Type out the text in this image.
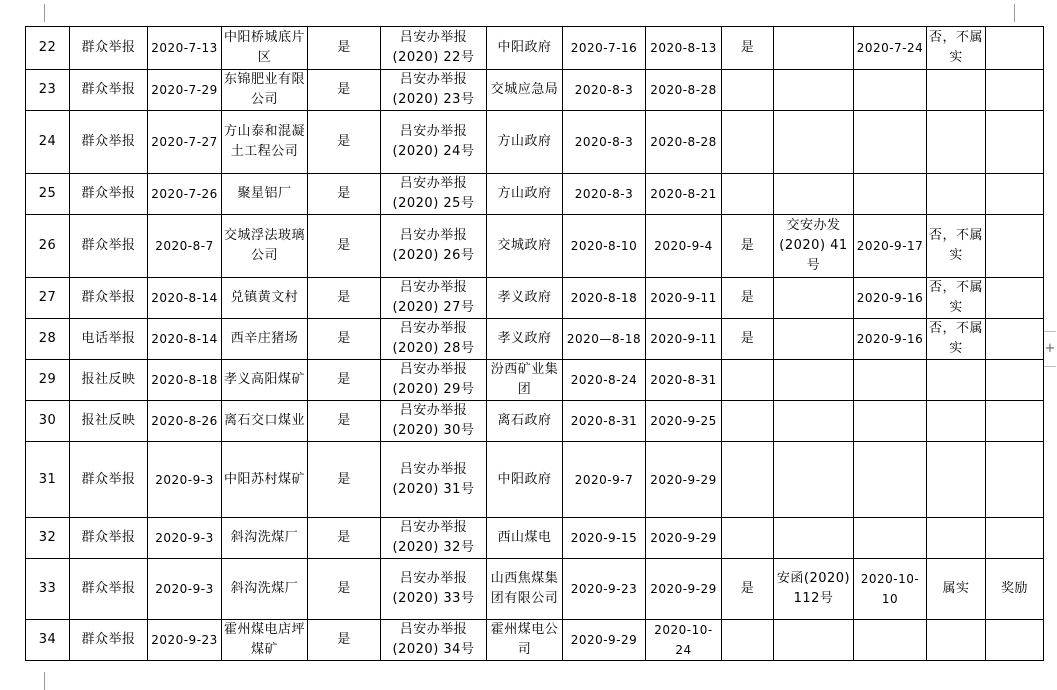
+
22	群众举报	2020-7-13	中阳桥城底片区	是	吕安办举报(2020) 22号	中阳政府	2020-7-16	2020-8-13	是		2020-7-24	否，不属实	
23	群众举报	2020-7-29	东锦肥业有限公司	是	吕安办举报(2020) 23号	交城应急局	2020-8-3	2020-8-28					
24	群众举报	2020-7-27	方山泰和混凝土工程公司	是	吕安办举报(2020) 24号	方山政府	2020-8-3	2020-8-28					
25	群众举报	2020-7-26	聚星铝厂	是	吕安办举报(2020) 25号	方山政府	2020-8-3	2020-8-21					
26	群众举报	2020-8-7	交城浮法玻璃公司	是	吕安办举报(2020) 26号	交城政府	2020-8-10	2020-9-4	是	交安办发(2020) 41号	2020-9-17	否，不属实	
27	群众举报	2020-8-14	兑镇黄文村	是	吕安办举报(2020) 27号	孝义政府	2020-8-18	2020-9-11	是		2020-9-16	否，不属实	
28	电话举报	2020-8-14	西辛庄猪场	是	吕安办举报(2020) 28号	孝义政府	2020—8-18	2020-9-11	是		2020-9-16	否，不属实	
29	报社反映	2020-8-18	孝义高阳煤矿	是	吕安办举报(2020) 29号	汾西矿业集团	2020-8-24	2020-8-31					
30	报社反映	2020-8-26	离石交口煤业	是	吕安办举报(2020) 30号	离石政府	2020-8-31	2020-9-25					
31	群众举报	2020-9-3	中阳苏村煤矿	是	吕安办举报(2020) 31号	中阳政府	2020-9-7	2020-9-29					
32	群众举报	2020-9-3	斜沟洗煤厂	是	吕安办举报(2020) 32号	西山煤电	2020-9-15	2020-9-29					
33	群众举报	2020-9-3	斜沟洗煤厂	是	吕安办举报(2020) 33号	山西焦煤集团有限公司	2020-9-23	2020-9-29	是	安函(2020) 112号	2020-10-10	属实	奖励
34	群众举报	2020-9-23	霍州煤电店坪煤矿	是	吕安办举报(2020) 34号	霍州煤电公司	2020-9-29	2020-10-24					
